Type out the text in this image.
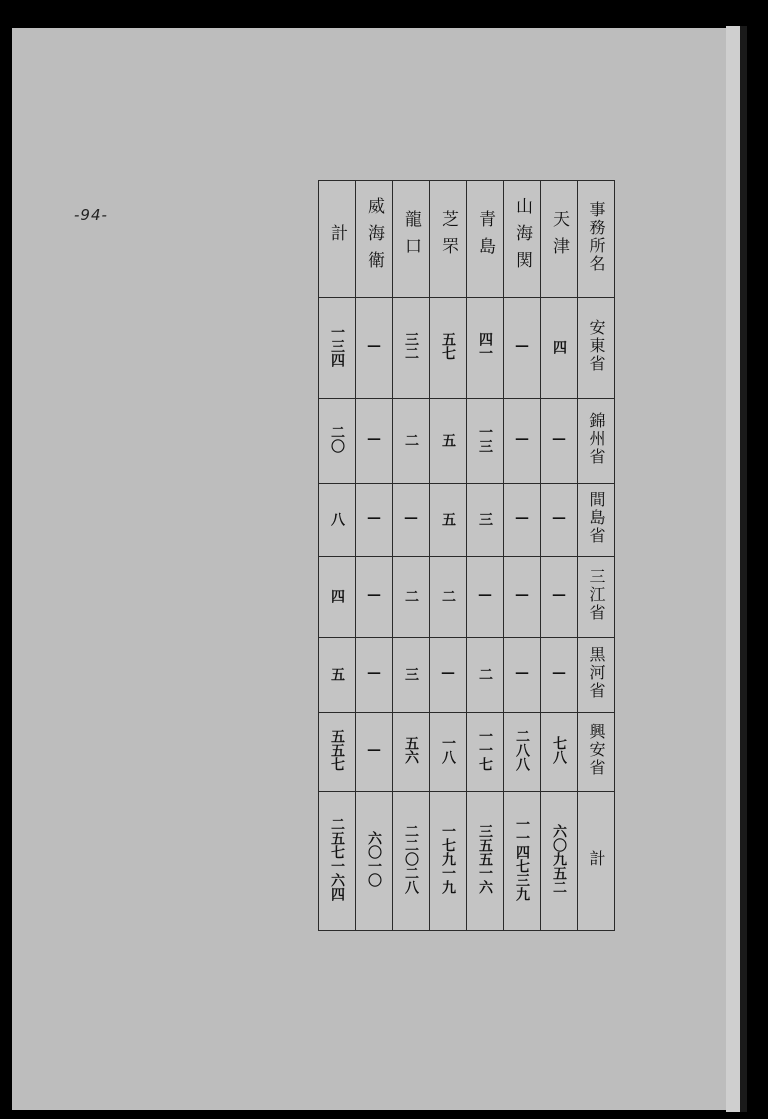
-94-
計	威海衛	龍口	芝罘	青島	山海関	天津	事務所名
一三四	—	三二	五七	四一	—	四	安東省
二〇	—	二	五	一三	—	—	錦州省
八	—	—	五	三	—	—	間島省
四	—	二	二	—	—	—	三江省
五	—	三	—	二	—	—	黒河省
五五七	—	五六	一八	一一七	二八八	七八	興安省
二五七一六四	六〇一〇	二二〇二八	一七九一九	三五五一六	一一四七三九	六〇九五二	計
